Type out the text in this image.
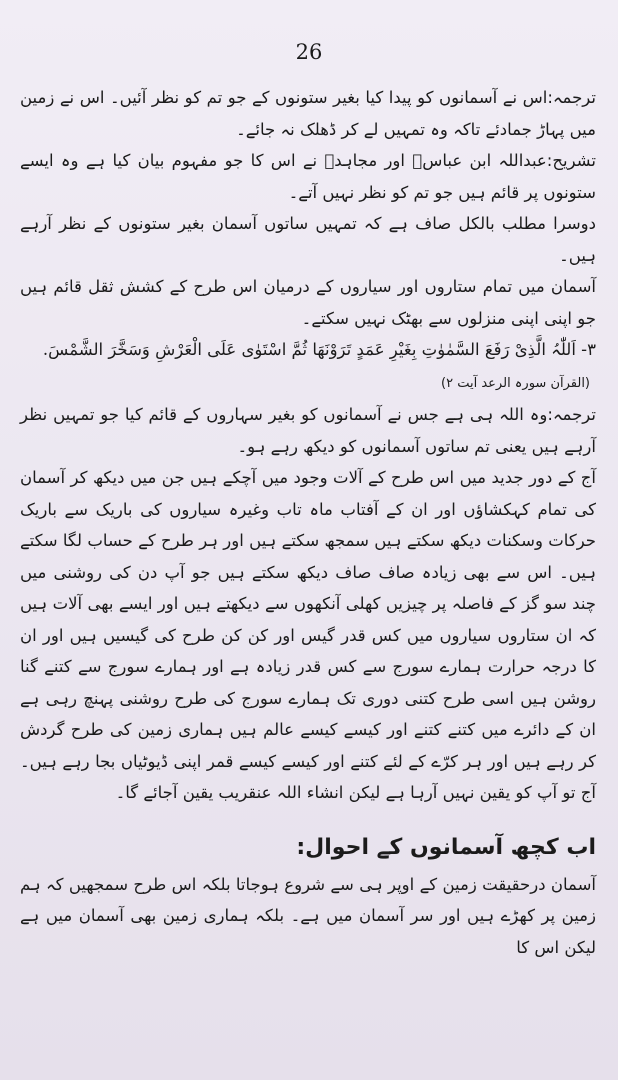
26

ترجمہ:اس نے آسمانوں کو پیدا کیا بغیر ستونوں کے جو تم کو نظر آئیں۔ اس نے زمین میں پہاڑ جمادئے تاکہ وہ تمہیں لے کر ڈھلک نہ جائے۔

تشریح:عبداللہ ابن عباسؓ اور مجاہدؒ نے اس کا جو مفہوم بیان کیا ہے وہ ایسے ستونوں پر قائم ہیں جو تم کو نظر نہیں آتے۔

دوسرا مطلب بالکل صاف ہے کہ تمہیں ساتوں آسمان بغیر ستونوں کے نظر آرہے ہیں۔

آسمان میں تمام ستاروں اور سیاروں کے درمیان اس طرح کے کشش ثقل قائم ہیں جو اپنی اپنی منزلوں سے بھٹک نہیں سکتے۔

۳- اَللّٰہُ الَّذِیْ رَفَعَ السَّمٰوٰتِ بِغَیْرِ عَمَدٍ تَرَوْنَھَا ثُمَّ اسْتَوٰی عَلَی الْعَرْشِ وَسَخَّرَ الشَّمْسَ. (القرآن سورہ الرعد آیت ۲)

ترجمہ:وہ اللہ ہی ہے جس نے آسمانوں کو بغیر سہاروں کے قائم کیا جو تمہیں نظر آرہے ہیں یعنی تم ساتوں آسمانوں کو دیکھ رہے ہو۔

آج کے دور جدید میں اس طرح کے آلات وجود میں آچکے ہیں جن میں دیکھ کر آسمان کی تمام کہکشاؤں اور ان کے آفتاب ماہ تاب وغیرہ سیاروں کی باریک سے باریک حرکات وسکنات دیکھ سکتے ہیں سمجھ سکتے ہیں اور ہر طرح کے حساب لگا سکتے ہیں۔ اس سے بھی زیادہ صاف صاف دیکھ سکتے ہیں جو آپ دن کی روشنی میں چند سو گز کے فاصلہ پر چیزیں کھلی آنکھوں سے دیکھتے ہیں اور ایسے بھی آلات ہیں کہ ان ستاروں سیاروں میں کس قدر گیس اور کن کن طرح کی گیسیں ہیں اور ان کا درجہ حرارت ہمارے سورج سے کس قدر زیادہ ہے اور ہمارے سورج سے کتنے گنا روشن ہیں اسی طرح کتنی دوری تک ہمارے سورج کی طرح روشنی پہنچ رہی ہے ان کے دائرے میں کتنے کتنے اور کیسے کیسے عالم ہیں ہماری زمین کی طرح گردش کر رہے ہیں اور ہر کرّے کے لئے کتنے اور کیسے کیسے قمر اپنی ڈیوٹیاں بجا رہے ہیں۔ آج تو آپ کو یقین نہیں آرہا ہے لیکن انشاء اللہ عنقریب یقین آجائے گا۔

اب کچھ آسمانوں کے احوال:

آسمان درحقیقت زمین کے اوپر ہی سے شروع ہوجاتا بلکہ اس طرح سمجھیں کہ ہم زمین پر کھڑے ہیں اور سر آسمان میں ہے۔ بلکہ ہماری زمین بھی آسمان میں ہے لیکن اس کا
